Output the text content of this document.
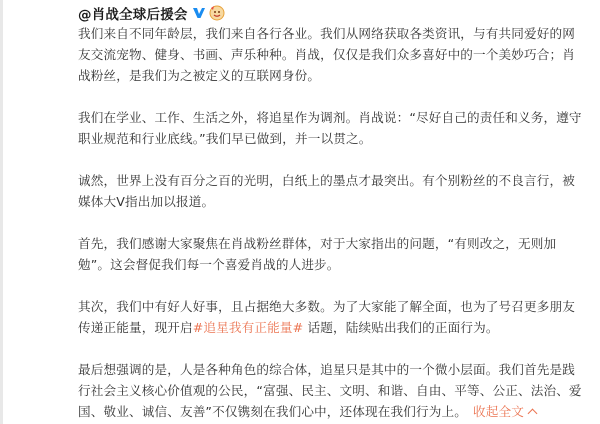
@肖战全球后援会

我们来自不同年龄层，我们来自各行各业。我们从网络获取各类资讯，与有共同爱好的网友交流宠物、健身、书画、声乐种种。肖战，仅仅是我们众多喜好中的一个美妙巧合；肖战粉丝，是我们为之被定义的互联网身份。

我们在学业、工作、生活之外，将追星作为调剂。肖战说：“尽好自己的责任和义务，遵守职业规范和行业底线。”我们早已做到，并一以贯之。

诚然，世界上没有百分之百的光明，白纸上的墨点才最突出。有个别粉丝的不良言行，被媒体大V指出加以报道。

首先，我们感谢大家聚焦在肖战粉丝群体，对于大家指出的问题，“有则改之，无则加勉”。这会督促我们每一个喜爱肖战的人进步。

其次，我们中有好人好事，且占据绝大多数。为了大家能了解全面，也为了号召更多朋友传递正能量，现开启#追星我有正能量# 话题，陆续贴出我们的正面行为。

最后想强调的是，人是各种角色的综合体，追星只是其中的一个微小层面。我们首先是践行社会主义核心价值观的公民，“富强、民主、文明、和谐、自由、平等、公正、法治、爱国、敬业、诚信、友善”不仅镌刻在我们心中，还体现在我们行为上。 收起全文
